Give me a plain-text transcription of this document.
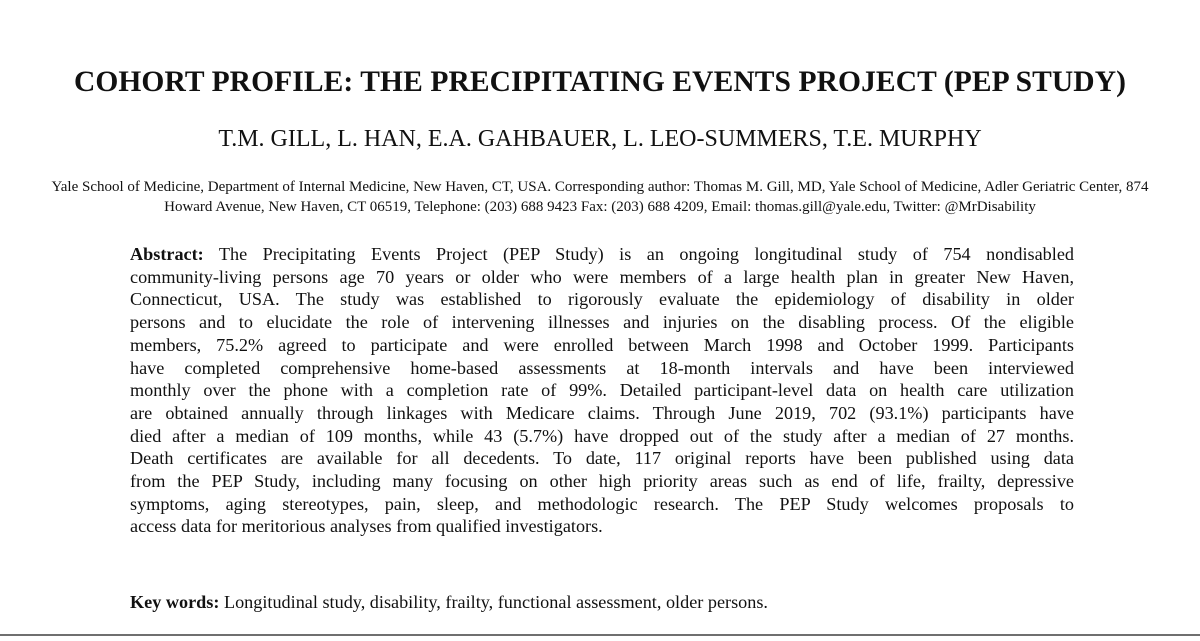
COHORT PROFILE: THE PRECIPITATING EVENTS PROJECT (PEP STUDY)

T.M. GILL, L. HAN, E.A. GAHBAUER, L. LEO-SUMMERS, T.E. MURPHY

Yale School of Medicine, Department of Internal Medicine, New Haven, CT, USA. Corresponding author: Thomas M. Gill, MD, Yale School of Medicine, Adler Geriatric Center, 874
Howard Avenue, New Haven, CT 06519, Telephone: (203) 688 9423 Fax: (203) 688 4209, Email: thomas.gill@yale.edu, Twitter: @MrDisability

Abstract: The Precipitating Events Project (PEP Study) is an ongoing longitudinal study of 754 nondisabled
community-living persons age 70 years or older who were members of a large health plan in greater New Haven,
Connecticut, USA. The study was established to rigorously evaluate the epidemiology of disability in older
persons and to elucidate the role of intervening illnesses and injuries on the disabling process. Of the eligible
members, 75.2% agreed to participate and were enrolled between March 1998 and October 1999. Participants
have completed comprehensive home-based assessments at 18-month intervals and have been interviewed
monthly over the phone with a completion rate of 99%. Detailed participant-level data on health care utilization
are obtained annually through linkages with Medicare claims. Through June 2019, 702 (93.1%) participants have
died after a median of 109 months, while 43 (5.7%) have dropped out of the study after a median of 27 months.
Death certificates are available for all decedents. To date, 117 original reports have been published using data
from the PEP Study, including many focusing on other high priority areas such as end of life, frailty, depressive
symptoms, aging stereotypes, pain, sleep, and methodologic research. The PEP Study welcomes proposals to
access data for meritorious analyses from qualified investigators.

Key words: Longitudinal study, disability, frailty, functional assessment, older persons.
